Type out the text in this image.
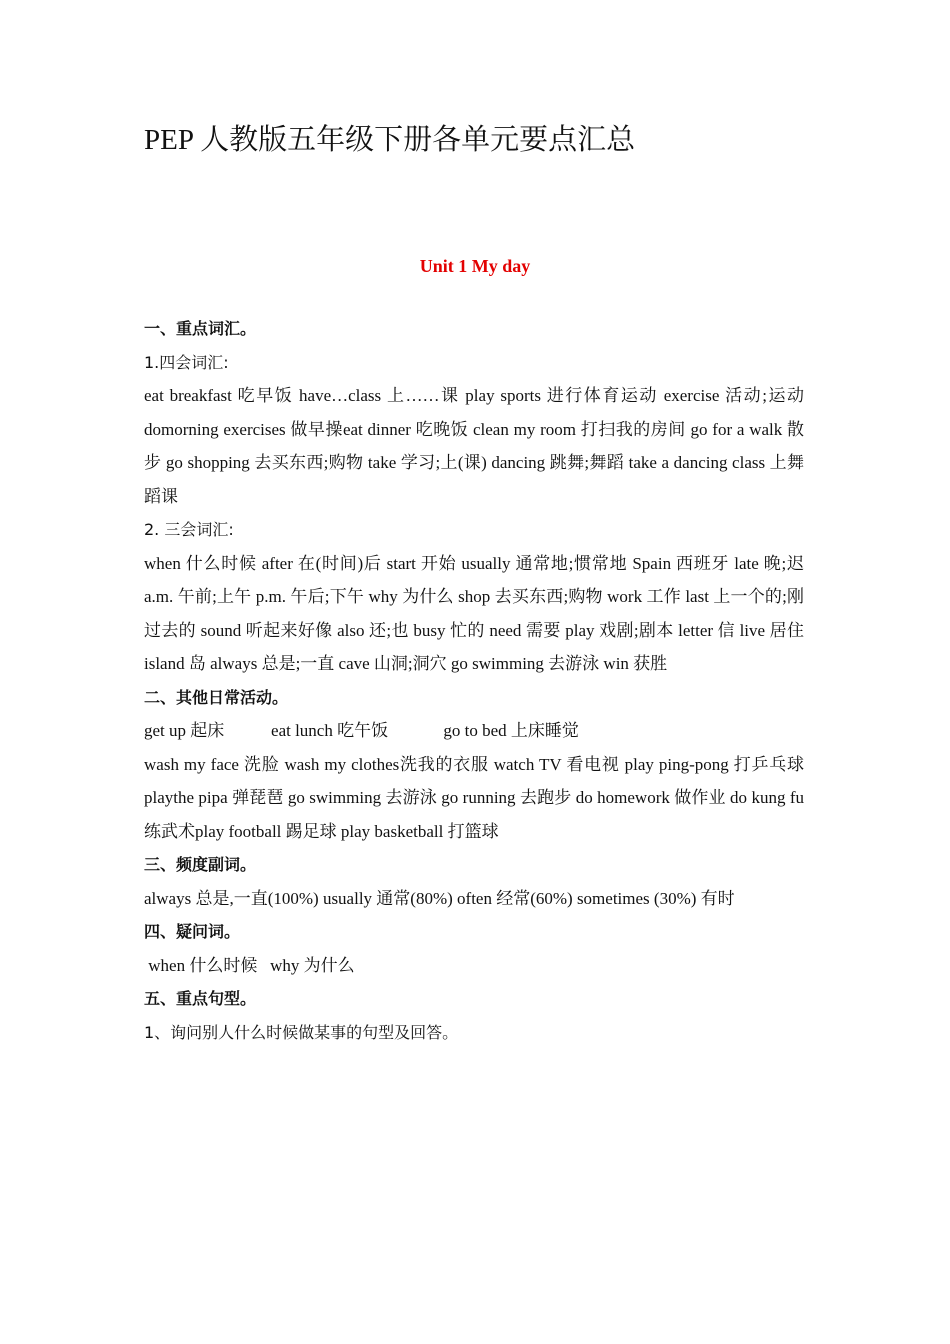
PEP 人教版五年级下册各单元要点汇总
Unit 1 My day

一、重点词汇。

1.四会词汇:

eat breakfast 吃早饭 have…class 上……课 play sports 进行体育运动 exercise 活动;运动 domorning exercises 做早操eat dinner 吃晚饭 clean my room 打扫我的房间 go for a walk 散步 go shopping 去买东西;购物 take 学习;上(课) dancing 跳舞;舞蹈 take a dancing class 上舞蹈课

2. 三会词汇:

when 什么时候 after 在(时间)后 start 开始 usually 通常地;惯常地 Spain 西班牙 late 晚;迟 a.m. 午前;上午 p.m. 午后;下午 why 为什么 shop 去买东西;购物 work 工作 last 上一个的;刚过去的 sound 听起来好像 also 还;也 busy 忙的 need 需要 play 戏剧;剧本 letter 信 live 居住 island 岛 always 总是;一直 cave 山洞;洞穴 go swimming 去游泳 win 获胜

二、其他日常活动。

get up 起床           eat lunch 吃午饭             go to bed 上床睡觉

wash my face 洗脸 wash my clothes洗我的衣服 watch TV 看电视 play ping-pong 打乒乓球 playthe pipa 弹琵琶 go swimming 去游泳 go running 去跑步 do homework 做作业 do kung fu 练武术play football 踢足球 play basketball 打篮球

三、频度副词。

always 总是,一直(100%) usually 通常(80%) often 经常(60%) sometimes (30%) 有时

四、疑问词。

when 什么时候   why 为什么

五、重点句型。

1、询问别人什么时候做某事的句型及回答。
